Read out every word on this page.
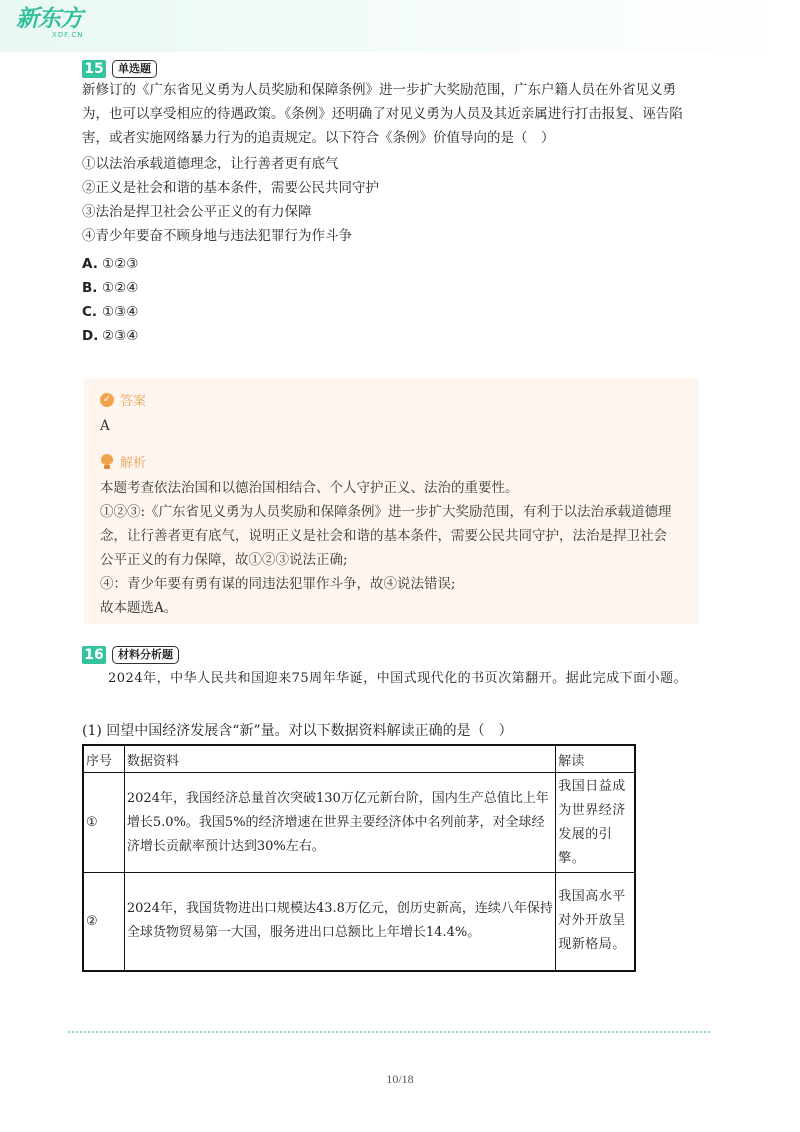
新东方
XDF.CN
15	单选题

新修订的《广东省见义勇为人员奖励和保障条例》进一步扩大奖励范围，广东户籍人员在外省见义勇为，也可以享受相应的待遇政策。《条例》还明确了对见义勇为人员及其近亲属进行打击报复、诬告陷害，或者实施网络暴力行为的追责规定。以下符合《条例》价值导向的是（　）

①以法治承载道德理念，让行善者更有底气
②正义是社会和谐的基本条件，需要公民共同守护
③法治是捍卫社会公平正义的有力保障
④青少年要奋不顾身地与违法犯罪行为作斗争
A. ①②③
B. ①②④
C. ①③④
D. ②③④
✓ 答案
A
解析

本题考查依法治国和以德治国相结合、个人守护正义、法治的重要性。

①②③:《广东省见义勇为人员奖励和保障条例》进一步扩大奖励范围，有利于以法治承载道德理念，让行善者更有底气，说明正义是社会和谐的基本条件，需要公民共同守护，法治是捍卫社会公平正义的有力保障，故①②③说法正确;

④：青少年要有勇有谋的同违法犯罪作斗争，故④说法错误;

故本题选A。

16	材料分析题

2024年，中华人民共和国迎来75周年华诞，中国式现代化的书页次第翻开。据此完成下面小题。

(1) 回望中国经济发展含“新”量。对以下数据资料解读正确的是（　）
序号	数据资料	解读
①	2024年，我国经济总量首次突破130万亿元新台阶，国内生产总值比上年增长5.0%。我国5%的经济增速在世界主要经济体中名列前茅，对全球经济增长贡献率预计达到30%左右。	我国日益成为世界经济发展的引擎。
②	2024年，我国货物进出口规模达43.8万亿元，创历史新高，连续八年保持全球货物贸易第一大国，服务进出口总额比上年增长14.4%。	我国高水平对外开放呈现新格局。
10/18
